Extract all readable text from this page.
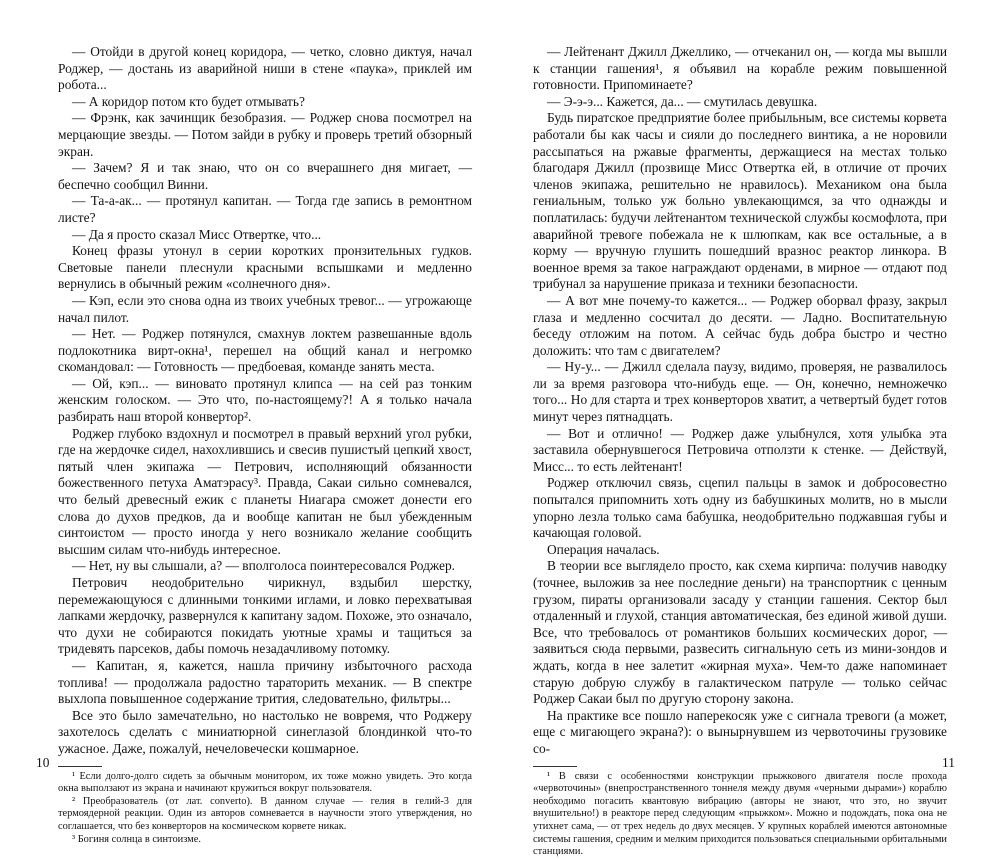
— Отойди в другой конец коридора, — четко, словно диктуя, начал Роджер, — достань из аварийной ниши в стене «паука», приклей им робота...

— А коридор потом кто будет отмывать?

— Фрэнк, как зачинщик безобразия. — Роджер снова посмотрел на мерцающие звезды. — Потом зайди в рубку и проверь третий обзорный экран.

— Зачем? Я и так знаю, что он со вчерашнего дня мигает, — беспечно сообщил Винни.

— Та-а-ак... — протянул капитан. — Тогда где запись в ремонтном листе?

— Да я просто сказал Мисс Отвертке, что...

Конец фразы утонул в серии коротких пронзительных гудков. Световые панели плеснули красными вспышками и медленно вернулись в обычный режим «солнечного дня».

— Кэп, если это снова одна из твоих учебных тревог... — угрожающе начал пилот.

— Нет. — Роджер потянулся, смахнув локтем развешанные вдоль подлокотника вирт-окна¹, перешел на общий канал и негромко скомандовал: — Готовность — предбоевая, команде занять места.

— Ой, кэп... — виновато протянул клипса — на сей раз тонким женским голоском. — Это что, по-настоящему?! А я только начала разбирать наш второй конвертор².

Роджер глубоко вздохнул и посмотрел в правый верхний угол рубки, где на жердочке сидел, нахохлившись и свесив пушистый цепкий хвост, пятый член экипажа — Петрович, исполняющий обязанности божественного петуха Аматэрасу³. Правда, Сакаи сильно сомневался, что белый древесный ежик с планеты Ниагара сможет донести его слова до духов предков, да и вообще капитан не был убежденным синтоистом — просто иногда у него возникало желание сообщить высшим силам что-нибудь интересное.

— Нет, ну вы слышали, а? — вполголоса поинтересовался Роджер.

Петрович неодобрительно чирикнул, вздыбил шерстку, перемежающуюся с длинными тонкими иглами, и ловко перехватывая лапками жердочку, развернулся к капитану задом. Похоже, это означало, что духи не собираются покидать уютные храмы и тащиться за тридевять парсеков, дабы помочь незадачливому потомку.

— Капитан, я, кажется, нашла причину избыточного расхода топлива! — продолжала радостно тараторить механик. — В спектре выхлопа повышенное содержание трития, следовательно, фильтры...

Все это было замечательно, но настолько не вовремя, что Роджеру захотелось сделать с миниатюрной синеглазой блондинкой что-то ужасное. Даже, пожалуй, нечеловечески кошмарное.

¹ Если долго-долго сидеть за обычным монитором, их тоже можно увидеть. Это когда окна выползают из экрана и начинают кружиться вокруг пользователя.

² Преобразователь (от лат. converto). В данном случае — гелия в гелий-3 для термоядерной реакции. Один из авторов сомневается в научности этого утверждения, но соглашается, что без конверторов на космическом корвете никак.

³ Богиня солнца в синтоизме.

— Лейтенант Джилл Джеллико, — отчеканил он, — когда мы вышли к станции гашения¹, я объявил на корабле режим повышенной готовности. Припоминаете?

— Э-э-э... Кажется, да... — смутилась девушка.

Будь пиратское предприятие более прибыльным, все системы корвета работали бы как часы и сияли до последнего винтика, а не норовили рассыпаться на ржавые фрагменты, держащиеся на местах только благодаря Джилл (прозвище Мисс Отвертка ей, в отличие от прочих членов экипажа, решительно не нравилось). Механиком она была гениальным, только уж больно увлекающимся, за что однажды и поплатилась: будучи лейтенантом технической службы космофлота, при аварийной тревоге побежала не к шлюпкам, как все остальные, а в корму — вручную глушить пошедший вразнос реактор линкора. В военное время за такое награждают орденами, в мирное — отдают под трибунал за нарушение приказа и техники безопасности.

— А вот мне почему-то кажется... — Роджер оборвал фразу, закрыл глаза и медленно сосчитал до десяти. — Ладно. Воспитательную беседу отложим на потом. А сейчас будь добра быстро и честно доложить: что там с двигателем?

— Ну-у... — Джилл сделала паузу, видимо, проверяя, не развалилось ли за время разговора что-нибудь еще. — Он, конечно, немножечко того... Но для старта и трех конверторов хватит, а четвертый будет готов минут через пятнадцать.

— Вот и отлично! — Роджер даже улыбнулся, хотя улыбка эта заставила обернувшегося Петровича отползти к стенке. — Действуй, Мисс... то есть лейтенант!

Роджер отключил связь, сцепил пальцы в замок и добросовестно попытался припомнить хоть одну из бабушкиных молитв, но в мысли упорно лезла только сама бабушка, неодобрительно поджавшая губы и качающая головой.

Операция началась.

В теории все выглядело просто, как схема кирпича: получив наводку (точнее, выложив за нее последние деньги) на транспортник с ценным грузом, пираты организовали засаду у станции гашения. Сектор был отдаленный и глухой, станция автоматическая, без единой живой души. Все, что требовалось от романтиков больших космических дорог, — заявиться сюда первыми, развесить сигнальную сеть из мини-зондов и ждать, когда в нее залетит «жирная муха». Чем-то даже напоминает старую добрую службу в галактическом патруле — только сейчас Роджер Сакаи был по другую сторону закона.

На практике все пошло наперекосяк уже с сигнала тревоги (а может, еще с мигающего экрана?): о вынырнувшем из червоточины грузовике со-

¹ В связи с особенностями конструкции прыжкового двигателя после прохода «червоточины» (внепространственного тоннеля между двумя «черными дырами») кораблю необходимо погасить квантовую вибрацию (авторы не знают, что это, но звучит внушительно!) в реакторе перед следующим «прыжком». Можно и подождать, пока она не утихнет сама, — от трех недель до двух месяцев. У крупных кораблей имеются автономные системы гашения, средним и мелким приходится пользоваться специальными орбитальными станциями.

10	11
